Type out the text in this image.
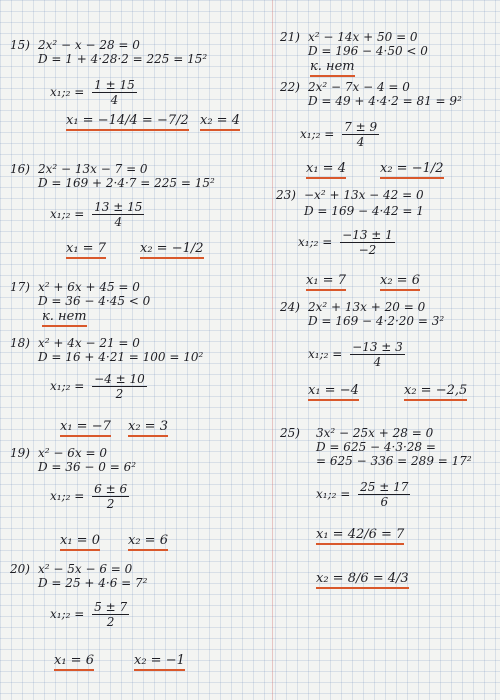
15) 2x² − x − 28 = 0
D = 1 + 4·28·2 = 225 = 15²
x₁;₂ = $\frac{1 \pm 15}{4}$
x₁ = −14/4 = −7/2 x₂ = 4
16) 2x² − 13x − 7 = 0
D = 169 + 2·4·7 = 225 = 15²
x₁;₂ = $\frac{13 \pm 15}{4}$
x₁ = 7	x₂ = −1/2
17) x² + 6x + 45 = 0
D = 36 − 4·45 < 0
к. нет
18) x² + 4x − 21 = 0
D = 16 + 4·21 = 100 = 10²
x₁;₂ = $\frac{-4 \pm 10}{2}$
x₁ = −7 x₂ = 3
19) x² − 6x = 0
D = 36 − 0 = 6²
x₁;₂ = $\frac{6 \pm 6}{2}$
x₁ = 0 x₂ = 6
20) x² − 5x − 6 = 0
D = 25 + 4·6 = 7²
x₁;₂ = $\frac{5 \pm 7}{2}$
x₁ = 6	x₂ = −1
21) x² − 14x + 50 = 0
D = 196 − 4·50 < 0
к. нет
22) 2x² − 7x − 4 = 0
D = 49 + 4·4·2 = 81 = 9²
x₁;₂ = $\frac{7 \pm 9}{4}$
x₁ = 4	x₂ = −1/2
23) −x² + 13x − 42 = 0
D = 169 − 4·42 = 1
x₁;₂ = $\frac{-13 \pm 1}{-2}$
x₁ = 7	x₂ = 6
24) 2x² + 13x + 20 = 0
D = 169 − 4·2·20 = 3²
x₁;₂ = $\frac{-13 \pm 3}{4}$
x₁ = −4	x₂ = −2,5
25) 3x² − 25x + 28 = 0
D = 625 − 4·3·28 =
= 625 − 336 = 289 = 17²
x₁;₂ = $\frac{25 \pm 17}{6}$
x₁ = 42/6 = 7
x₂ = 8/6 = 4/3
